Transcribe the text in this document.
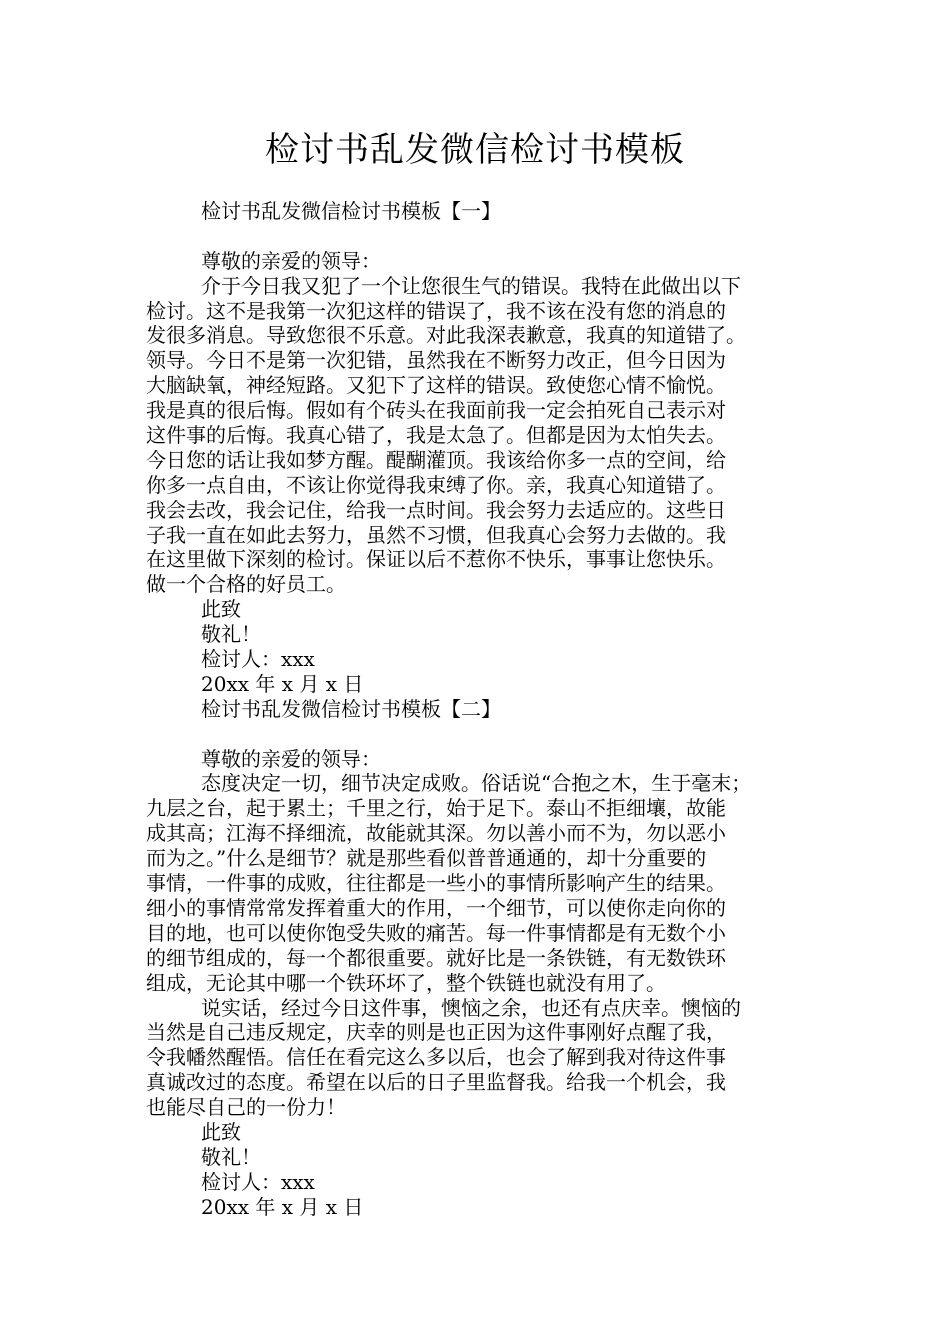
检讨书乱发微信检讨书模板
检讨书乱发微信检讨书模板【一】
尊敬的亲爱的领导：
介于今日我又犯了一个让您很生气的错误。我特在此做出以下
检讨。这不是我第一次犯这样的错误了，我不该在没有您的消息的
发很多消息。导致您很不乐意。对此我深表歉意，我真的知道错了。
领导。今日不是第一次犯错，虽然我在不断努力改正，但今日因为
大脑缺氧，神经短路。又犯下了这样的错误。致使您心情不愉悦。
我是真的很后悔。假如有个砖头在我面前我一定会拍死自己表示对
这件事的后悔。我真心错了，我是太急了。但都是因为太怕失去。
今日您的话让我如梦方醒。醍醐灌顶。我该给你多一点的空间，给
你多一点自由，不该让你觉得我束缚了你。亲，我真心知道错了。
我会去改，我会记住，给我一点时间。我会努力去适应的。这些日
子我一直在如此去努力，虽然不习惯，但我真心会努力去做的。我
在这里做下深刻的检讨。保证以后不惹你不快乐，事事让您快乐。
做一个合格的好员工。
此致
敬礼！
检讨人：xxx
20xx 年 x 月 x 日
检讨书乱发微信检讨书模板【二】
尊敬的亲爱的领导：
态度决定一切，细节决定成败。俗话说“合抱之木，生于毫末；
九层之台，起于累土；千里之行，始于足下。泰山不拒细壤，故能
成其高；江海不择细流，故能就其深。勿以善小而不为，勿以恶小
而为之。”什么是细节？就是那些看似普普通通的，却十分重要的
事情，一件事的成败，往往都是一些小的事情所影响产生的结果。
细小的事情常常发挥着重大的作用，一个细节，可以使你走向你的
目的地，也可以使你饱受失败的痛苦。每一件事情都是有无数个小
的细节组成的，每一个都很重要。就好比是一条铁链，有无数铁环
组成，无论其中哪一个铁环坏了，整个铁链也就没有用了。
说实话，经过今日这件事，懊恼之余，也还有点庆幸。懊恼的
当然是自己违反规定，庆幸的则是也正因为这件事刚好点醒了我，
令我幡然醒悟。信任在看完这么多以后，也会了解到我对待这件事
真诚改过的态度。希望在以后的日子里监督我。给我一个机会，我
也能尽自己的一份力！
此致
敬礼！
检讨人：xxx
20xx 年 x 月 x 日
